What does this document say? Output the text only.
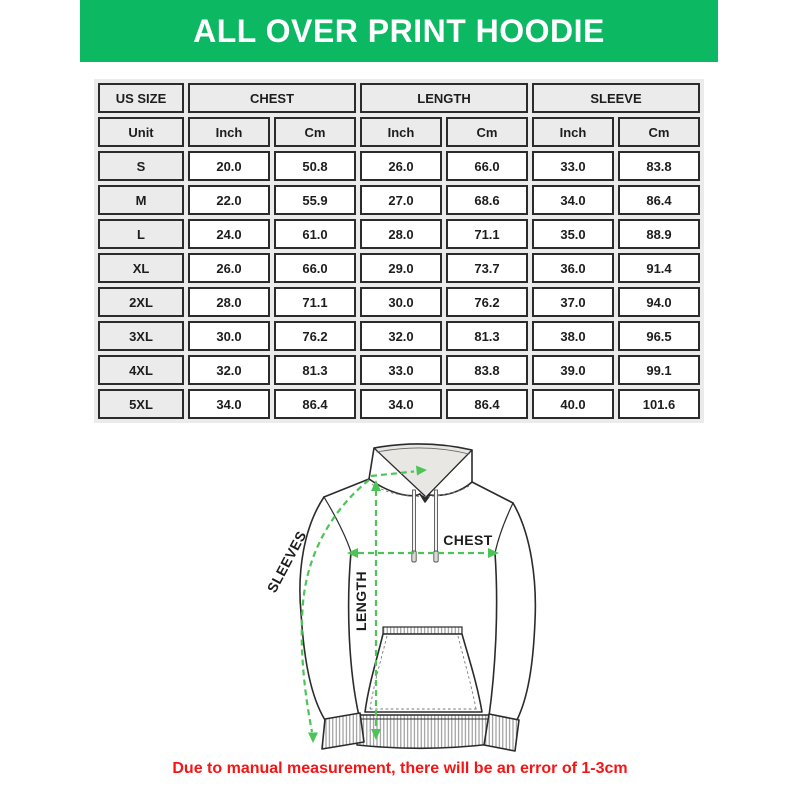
ALL OVER PRINT HOODIE
US SIZE	CHEST		LENGTH		SLEEVE	
Unit	Inch	Cm	Inch	Cm	Inch	Cm
S	20.0	50.8	26.0	66.0	33.0	83.8
M	22.0	55.9	27.0	68.6	34.0	86.4
L	24.0	61.0	28.0	71.1	35.0	88.9
XL	26.0	66.0	29.0	73.7	36.0	91.4
2XL	28.0	71.1	30.0	76.2	37.0	94.0
3XL	30.0	76.2	32.0	81.3	38.0	96.5
4XL	32.0	81.3	33.0	83.8	39.0	99.1
5XL	34.0	86.4	34.0	86.4	40.0	101.6
CHEST
LENGTH
SLEEVES
Due to manual measurement, there will be an error of 1-3cm
